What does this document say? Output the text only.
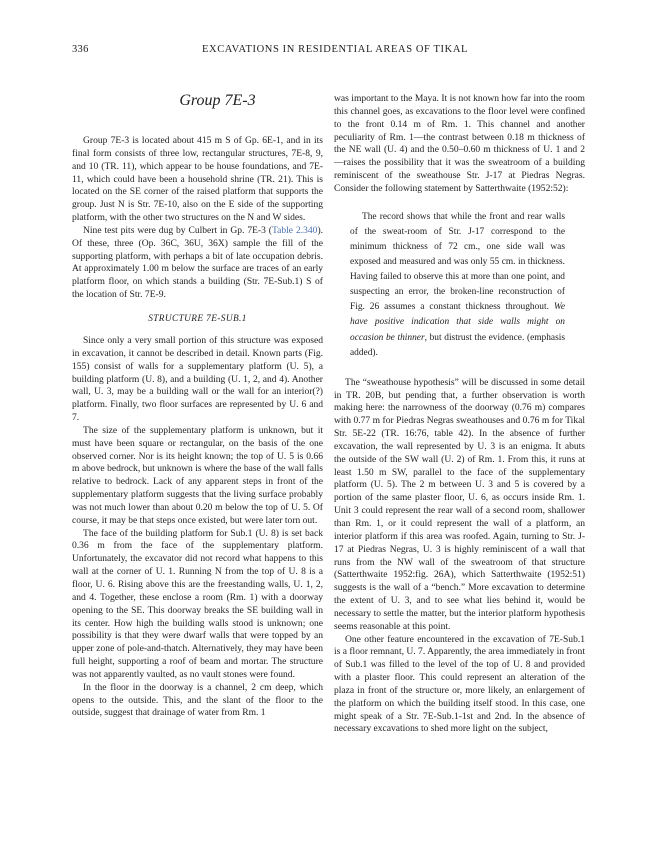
336	EXCAVATIONS IN RESIDENTIAL AREAS OF TIKAL
Group 7E-3

Group 7E-3 is located about 415 m S of Gp. 6E-1, and in its final form consists of three low, rectangular structures, 7E-8, 9, and 10 (TR. 11), which appear to be house foundations, and 7E-11, which could have been a household shrine (TR. 21). This is located on the SE corner of the raised platform that supports the group. Just N is Str. 7E-10, also on the E side of the supporting platform, with the other two structures on the N and W sides.

Nine test pits were dug by Culbert in Gp. 7E-3 (Table 2.340). Of these, three (Op. 36C, 36U, 36X) sample the fill of the supporting platform, with perhaps a bit of late occupation debris. At approximately 1.00 m below the surface are traces of an early platform floor, on which stands a building (Str. 7E-Sub.1) S of the location of Str. 7E-9.

STRUCTURE 7E-SUB.1

Since only a very small portion of this structure was exposed in excavation, it cannot be described in detail. Known parts (Fig. 155) consist of walls for a supplementary platform (U. 5), a building platform (U. 8), and a building (U. 1, 2, and 4). Another wall, U. 3, may be a building wall or the wall for an interior(?) platform. Finally, two floor surfaces are represented by U. 6 and 7.

The size of the supplementary platform is unknown, but it must have been square or rectangular, on the basis of the one observed corner. Nor is its height known; the top of U. 5 is 0.66 m above bedrock, but unknown is where the base of the wall falls relative to bedrock. Lack of any apparent steps in front of the supplementary platform suggests that the living surface probably was not much lower than about 0.20 m below the top of U. 5. Of course, it may be that steps once existed, but were later torn out.

The face of the building platform for Sub.1 (U. 8) is set back 0.36 m from the face of the supplementary platform. Unfortunately, the excavator did not record what happens to this wall at the corner of U. 1. Running N from the top of U. 8 is a floor, U. 6. Rising above this are the freestanding walls, U. 1, 2, and 4. Together, these enclose a room (Rm. 1) with a doorway opening to the SE. This doorway breaks the SE building wall in its center. How high the building walls stood is unknown; one possibility is that they were dwarf walls that were topped by an upper zone of pole-and-thatch. Alternatively, they may have been full height, supporting a roof of beam and mortar. The structure was not apparently vaulted, as no vault stones were found.

In the floor in the doorway is a channel, 2 cm deep, which opens to the outside. This, and the slant of the floor to the outside, suggest that drainage of water from Rm. 1

was important to the Maya. It is not known how far into the room this channel goes, as excavations to the floor level were confined to the front 0.14 m of Rm. 1. This channel and another peculiarity of Rm. 1—the contrast between 0.18 m thickness of the NE wall (U. 4) and the 0.50–0.60 m thickness of U. 1 and 2—raises the possibility that it was the sweatroom of a building reminiscent of the sweathouse Str. J-17 at Piedras Negras. Consider the following statement by Satterthwaite (1952:52):

The record shows that while the front and rear walls of the sweat-room of Str. J-17 correspond to the minimum thickness of 72 cm., one side wall was exposed and measured and was only 55 cm. in thickness. Having failed to observe this at more than one point, and suspecting an error, the broken-line reconstruction of Fig. 26 assumes a constant thickness throughout. We have positive indication that side walls might on occasion be thinner, but distrust the evidence. (emphasis added).

The “sweathouse hypothesis” will be discussed in some detail in TR. 20B, but pending that, a further observation is worth making here: the narrowness of the doorway (0.76 m) compares with 0.77 m for Piedras Negras sweathouses and 0.76 m for Tikal Str. 5E-22 (TR. 16:76, table 42). In the absence of further excavation, the wall represented by U. 3 is an enigma. It abuts the outside of the SW wall (U. 2) of Rm. 1. From this, it runs at least 1.50 m SW, parallel to the face of the supplementary platform (U. 5). The 2 m between U. 3 and 5 is covered by a portion of the same plaster floor, U. 6, as occurs inside Rm. 1. Unit 3 could represent the rear wall of a second room, shallower than Rm. 1, or it could represent the wall of a platform, an interior platform if this area was roofed. Again, turning to Str. J-17 at Piedras Negras, U. 3 is highly reminiscent of a wall that runs from the NW wall of the sweatroom of that structure (Satterthwaite 1952:fig. 26A), which Satterthwaite (1952:51) suggests is the wall of a “bench.” More excavation to determine the extent of U. 3, and to see what lies behind it, would be necessary to settle the matter, but the interior platform hypothesis seems reasonable at this point.

One other feature encountered in the excavation of 7E-Sub.1 is a floor remnant, U. 7. Apparently, the area immediately in front of Sub.1 was filled to the level of the top of U. 8 and provided with a plaster floor. This could represent an alteration of the plaza in front of the structure or, more likely, an enlargement of the platform on which the building itself stood. In this case, one might speak of a Str. 7E-Sub.1-1st and 2nd. In the absence of necessary excavations to shed more light on the subject,
